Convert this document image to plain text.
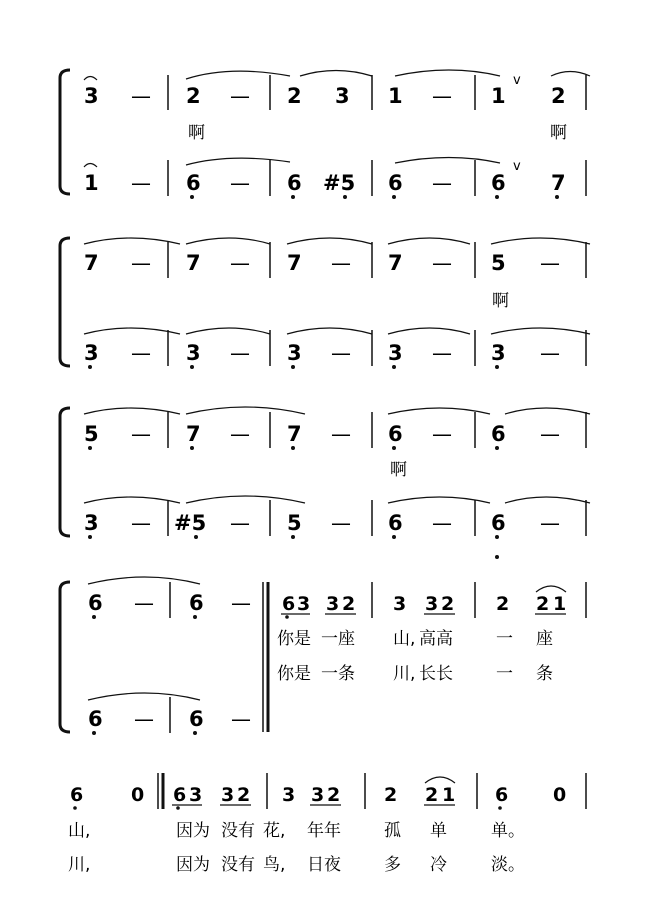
3 — 2 — 2 3 1 — 1
v
2
啊	啊
1 — 6 — 6 #5 6 — 6
v
7
7 — 7 — 7 — 7 — 5 —
啊
3 — 3 — 3 — 3 — 3 —
5 — 7 — 7 — 6 — 6 —
啊
3 — #5 — 5 — 6 — 6 —
6 — 6 —
6 — 6 —
6 3 3 2 3 3 2 2 2 1
你是 一座 山, 高高	一 座
你是 一条 川, 长长	一 条
6	0 6 3 3 2 3 3 2 2 2 1 6 0
山,	因为 没有 花, 年年	孤 单	单。
川,	因为 没有 鸟, 日夜	多 冷	淡。
